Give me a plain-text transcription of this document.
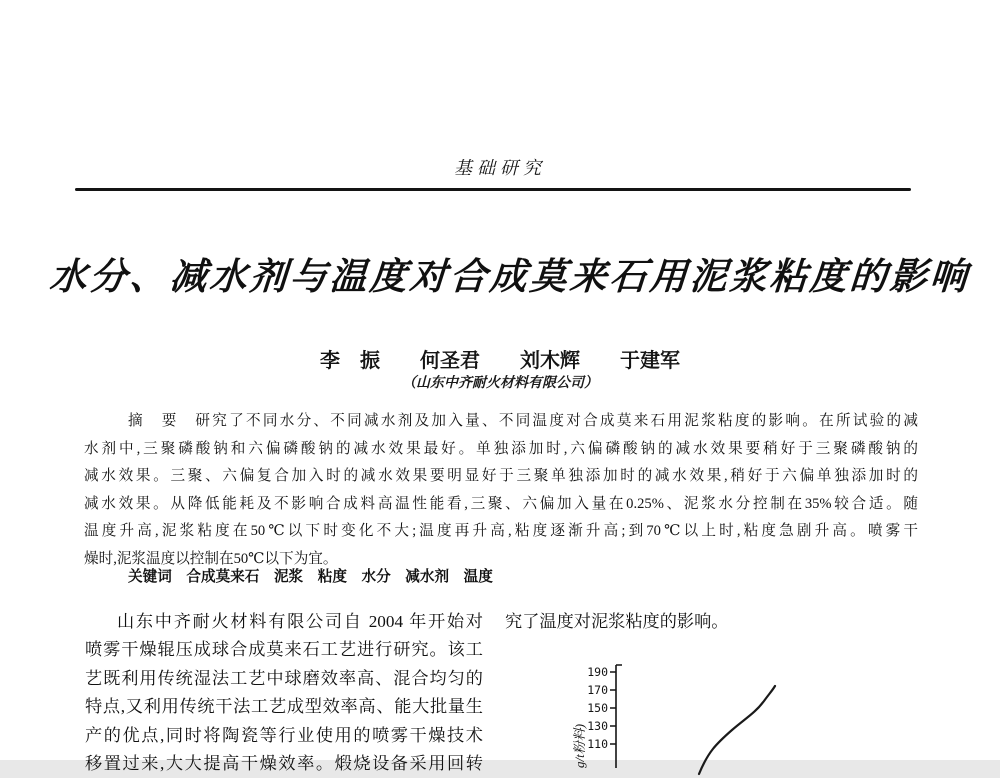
基础研究
水分、减水剂与温度对合成莫来石用泥浆粘度的影响
李　振　　何圣君　　刘木辉　　于建军
（山东中齐耐火材料有限公司）
摘　要　研究了不同水分、不同减水剂及加入量、不同温度对合成莫来石用泥浆粘度的影响。在所试验的减
水剂中,三聚磷酸钠和六偏磷酸钠的减水效果最好。单独添加时,六偏磷酸钠的减水效果要稍好于三聚磷酸钠的
减水效果。三聚、六偏复合加入时的减水效果要明显好于三聚单独添加时的减水效果,稍好于六偏单独添加时的
减水效果。从降低能耗及不影响合成料高温性能看,三聚、六偏加入量在0.25%、泥浆水分控制在35%较合适。随
温度升高,泥浆粘度在50℃以下时变化不大;温度再升高,粘度逐渐升高;到70℃以上时,粘度急剧升高。喷雾干
燥时,泥浆温度以控制在50℃以下为宜。
关键词　合成莫来石　泥浆　粘度　水分　减水剂　温度
山东中齐耐火材料有限公司自 2004 年开始对
喷雾干燥辊压成球合成莫来石工艺进行研究。该工
艺既利用传统湿法工艺中球磨效率高、混合均匀的
特点,又利用传统干法工艺成型效率高、能大批量生
产的优点,同时将陶瓷等行业使用的喷雾干燥技术
移置过来,大大提高干燥效率。煅烧设备采用回转
究了温度对泥浆粘度的影响。
g/t粉料)
190
170
150
130
110
